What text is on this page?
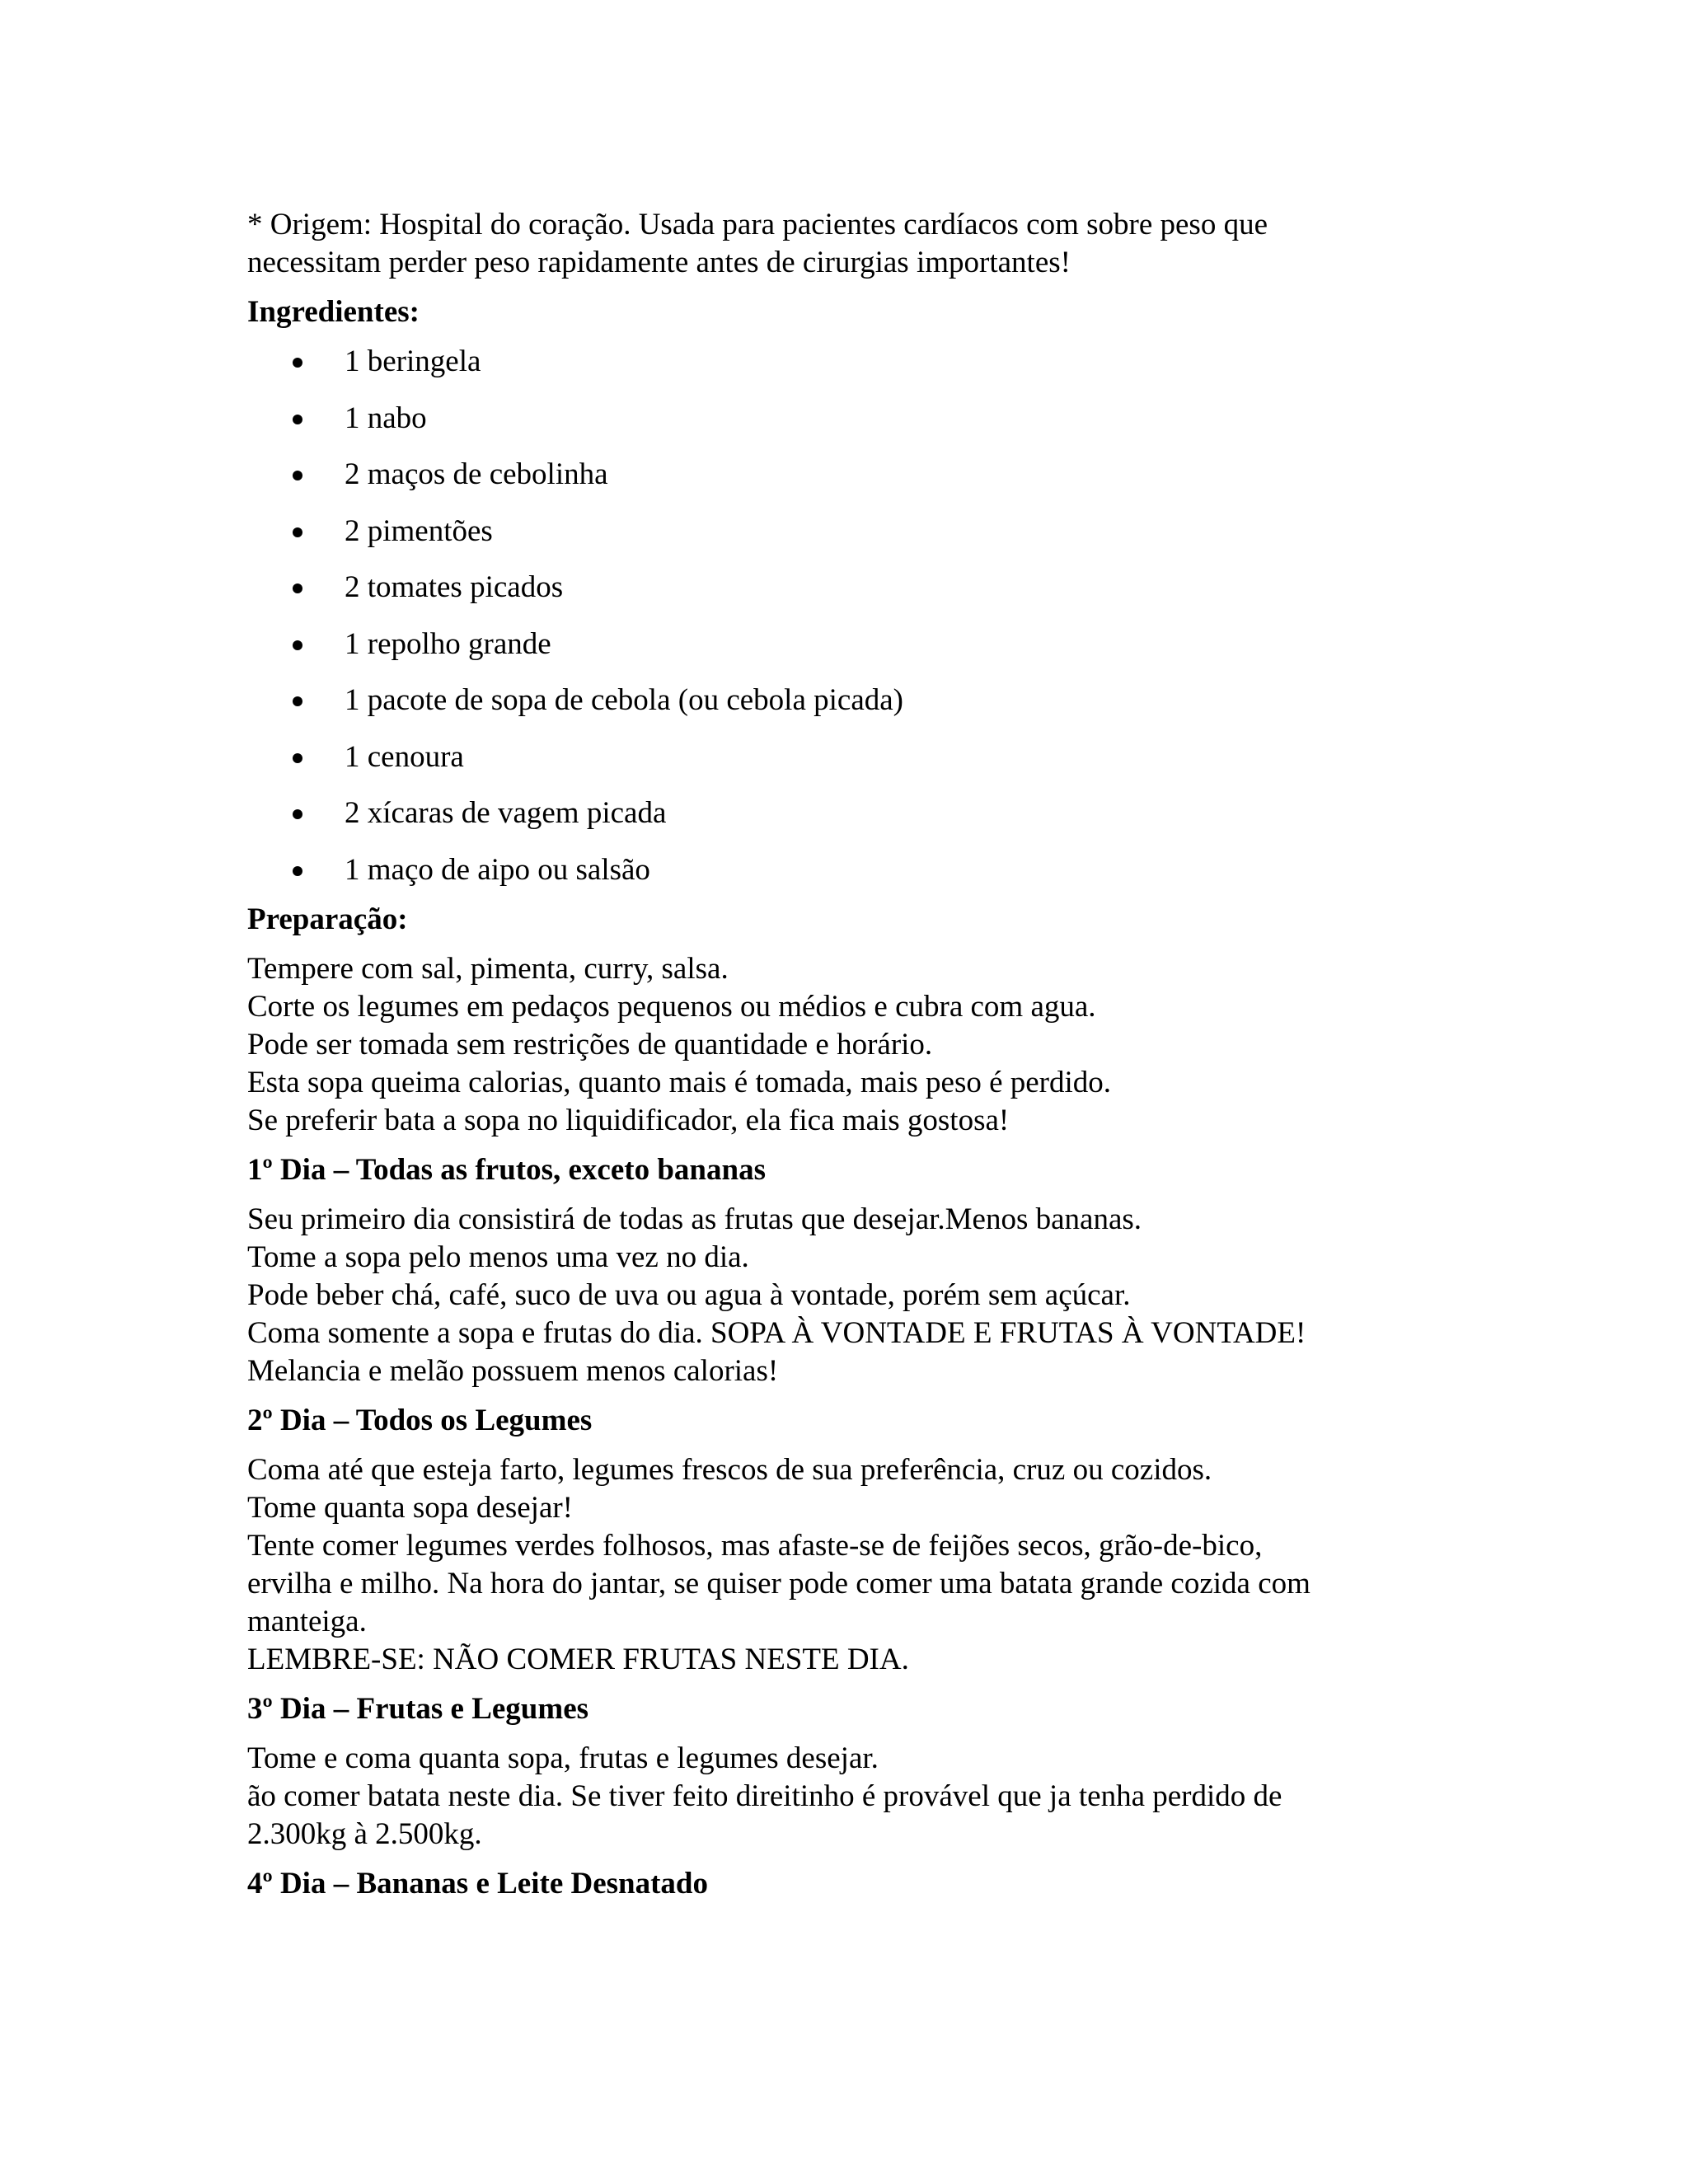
* Origem: Hospital do coração. Usada para pacientes cardíacos com sobre peso que

necessitam perder peso rapidamente antes de cirurgias importantes!

Ingredientes:

1 beringela
1 nabo
2 maços de cebolinha
2 pimentões
2 tomates picados
1 repolho grande
1 pacote de sopa de cebola (ou cebola picada)
1 cenoura
2 xícaras de vagem picada
1 maço de aipo ou salsão

Preparação:

Tempere com sal, pimenta, curry, salsa.

Corte os legumes em pedaços pequenos ou médios e cubra com agua.

Pode ser tomada sem restrições de quantidade e horário.

Esta sopa queima calorias, quanto mais é tomada, mais peso é perdido.

Se preferir bata a sopa no liquidificador, ela fica mais gostosa!

1º Dia – Todas as frutos, exceto bananas

Seu primeiro dia consistirá de todas as frutas que desejar.Menos bananas.

Tome a sopa pelo menos uma vez no dia.

Pode beber chá, café, suco de uva ou agua à vontade, porém sem açúcar.

Coma somente a sopa e frutas do dia. SOPA À VONTADE E FRUTAS À VONTADE!

Melancia e melão possuem menos calorias!

2º Dia – Todos os Legumes

Coma até que esteja farto, legumes frescos de sua preferência, cruz ou cozidos.

Tome quanta sopa desejar!

Tente comer legumes verdes folhosos, mas afaste-se de feijões secos, grão-de-bico,

ervilha e milho. Na hora do jantar, se quiser pode comer uma batata grande cozida com

manteiga.

LEMBRE-SE: NÃO COMER FRUTAS NESTE DIA.

3º Dia – Frutas e Legumes

Tome e coma quanta sopa, frutas e legumes desejar.

ão comer batata neste dia. Se tiver feito direitinho é provável que ja tenha perdido de

2.300kg à 2.500kg.

4º Dia – Bananas e Leite Desnatado
